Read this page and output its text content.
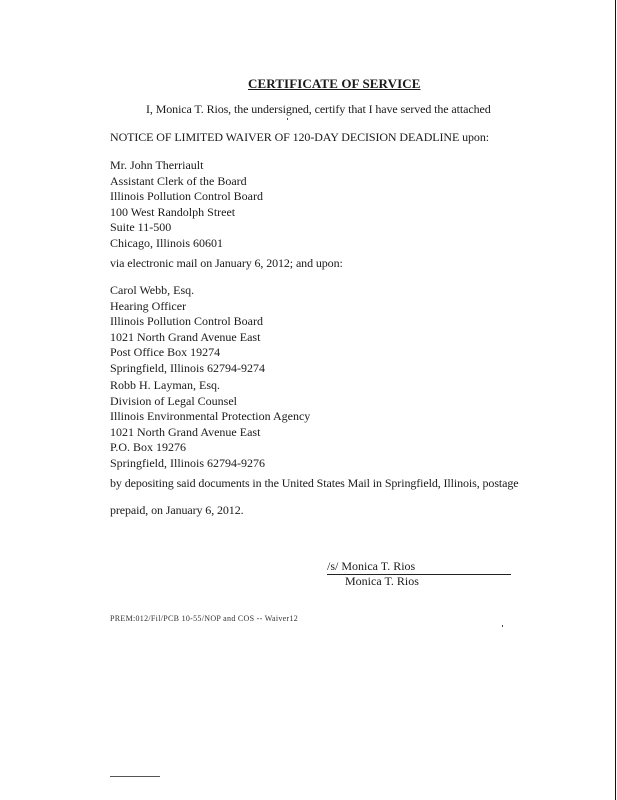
CERTIFICATE OF SERVICE
I, Monica T. Rios, the undersigned, certify that I have served the attached
NOTICE OF LIMITED WAIVER OF 120-DAY DECISION DEADLINE upon:
Mr. John Therriault
Assistant Clerk of the Board
Illinois Pollution Control Board
100 West Randolph Street
Suite 11-500
Chicago, Illinois 60601
via electronic mail on January 6, 2012; and upon:
Carol Webb, Esq.
Hearing Officer
Illinois Pollution Control Board
1021 North Grand Avenue East
Post Office Box 19274
Springfield, Illinois 62794-9274
Robb H. Layman, Esq.
Division of Legal Counsel
Illinois Environmental Protection Agency
1021 North Grand Avenue East
P.O. Box 19276
Springfield, Illinois 62794-9276
by depositing said documents in the United States Mail in Springfield, Illinois, postage
prepaid, on January 6, 2012.
/s/ Monica T. Rios
Monica T. Rios
PREM:012/Fil/PCB 10-55/NOP and COS -- Waiver12
